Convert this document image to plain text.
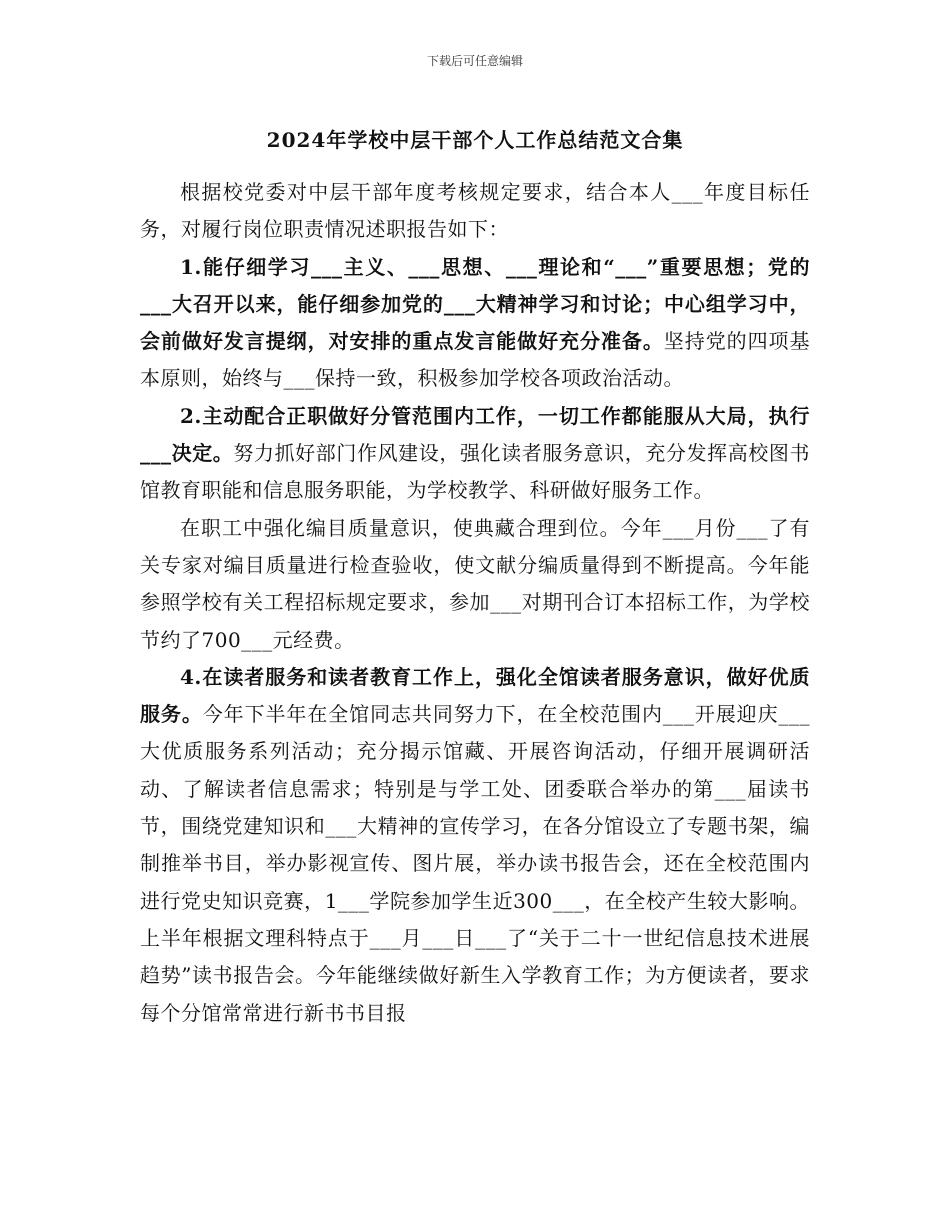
下载后可任意编辑
2024年学校中层干部个人工作总结范文合集

根据校党委对中层干部年度考核规定要求，结合本人___年度目标任务，对履行岗位职责情况述职报告如下：

1.能仔细学习___主义、___思想、___理论和“___”重要思想；党的___大召开以来，能仔细参加党的___大精神学习和讨论；中心组学习中，会前做好发言提纲，对安排的重点发言能做好充分准备。坚持党的四项基本原则，始终与___保持一致，积极参加学校各项政治活动。

2.主动配合正职做好分管范围内工作，一切工作都能服从大局，执行___决定。努力抓好部门作风建设，强化读者服务意识，充分发挥高校图书馆教育职能和信息服务职能，为学校教学、科研做好服务工作。

在职工中强化编目质量意识，使典藏合理到位。今年___月份___了有关专家对编目质量进行检查验收，使文献分编质量得到不断提高。今年能参照学校有关工程招标规定要求，参加___对期刊合订本招标工作，为学校节约了700___元经费。

4.在读者服务和读者教育工作上，强化全馆读者服务意识，做好优质服务。今年下半年在全馆同志共同努力下，在全校范围内___开展迎庆___大优质服务系列活动；充分揭示馆藏、开展咨询活动，仔细开展调研活动、了解读者信息需求；特别是与学工处、团委联合举办的第___届读书节，围绕党建知识和___大精神的宣传学习，在各分馆设立了专题书架，编制推举书目，举办影视宣传、图片展，举办读书报告会，还在全校范围内进行党史知识竞赛，1___学院参加学生近300___，在全校产生较大影响。上半年根据文理科特点于___月___日___了“关于二十一世纪信息技术进展趋势”读书报告会。今年能继续做好新生入学教育工作；为方便读者，要求每个分馆常常进行新书书目报
